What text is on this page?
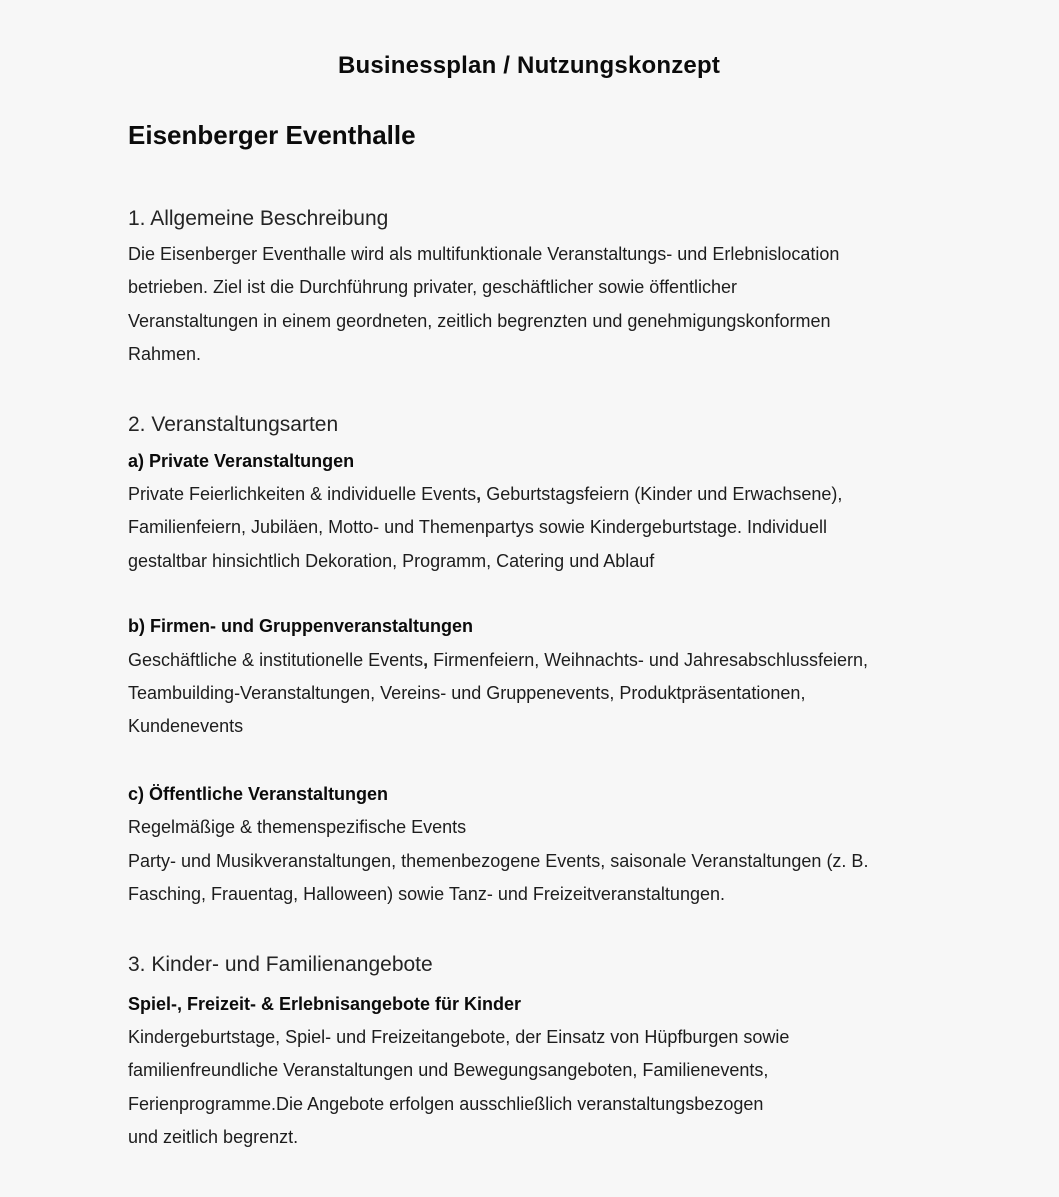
Businessplan / Nutzungskonzept
Eisenberger Eventhalle
1. Allgemeine Beschreibung
Die Eisenberger Eventhalle wird als multifunktionale Veranstaltungs- und Erlebnislocation
betrieben. Ziel ist die Durchführung privater, geschäftlicher sowie öffentlicher
Veranstaltungen in einem geordneten, zeitlich begrenzten und genehmigungskonformen
Rahmen.
2. Veranstaltungsarten
a) Private Veranstaltungen
Private Feierlichkeiten & individuelle Events, Geburtstagsfeiern (Kinder und Erwachsene),
Familienfeiern, Jubiläen, Motto- und Themenpartys sowie Kindergeburtstage. Individuell
gestaltbar hinsichtlich Dekoration, Programm, Catering und Ablauf
b) Firmen- und Gruppenveranstaltungen
Geschäftliche & institutionelle Events, Firmenfeiern, Weihnachts- und Jahresabschlussfeiern,
Teambuilding-Veranstaltungen, Vereins- und Gruppenevents, Produktpräsentationen,
Kundenevents
c) Öffentliche Veranstaltungen
Regelmäßige & themenspezifische Events
Party- und Musikveranstaltungen, themenbezogene Events, saisonale Veranstaltungen (z. B.
Fasching, Frauentag, Halloween) sowie Tanz- und Freizeitveranstaltungen.
3. Kinder- und Familienangebote
Spiel-, Freizeit- & Erlebnisangebote für Kinder
Kindergeburtstage, Spiel- und Freizeitangebote, der Einsatz von Hüpfburgen sowie
familienfreundliche Veranstaltungen und Bewegungsangeboten, Familienevents,
Ferienprogramme.Die Angebote erfolgen ausschließlich veranstaltungsbezogen
und zeitlich begrenzt.
